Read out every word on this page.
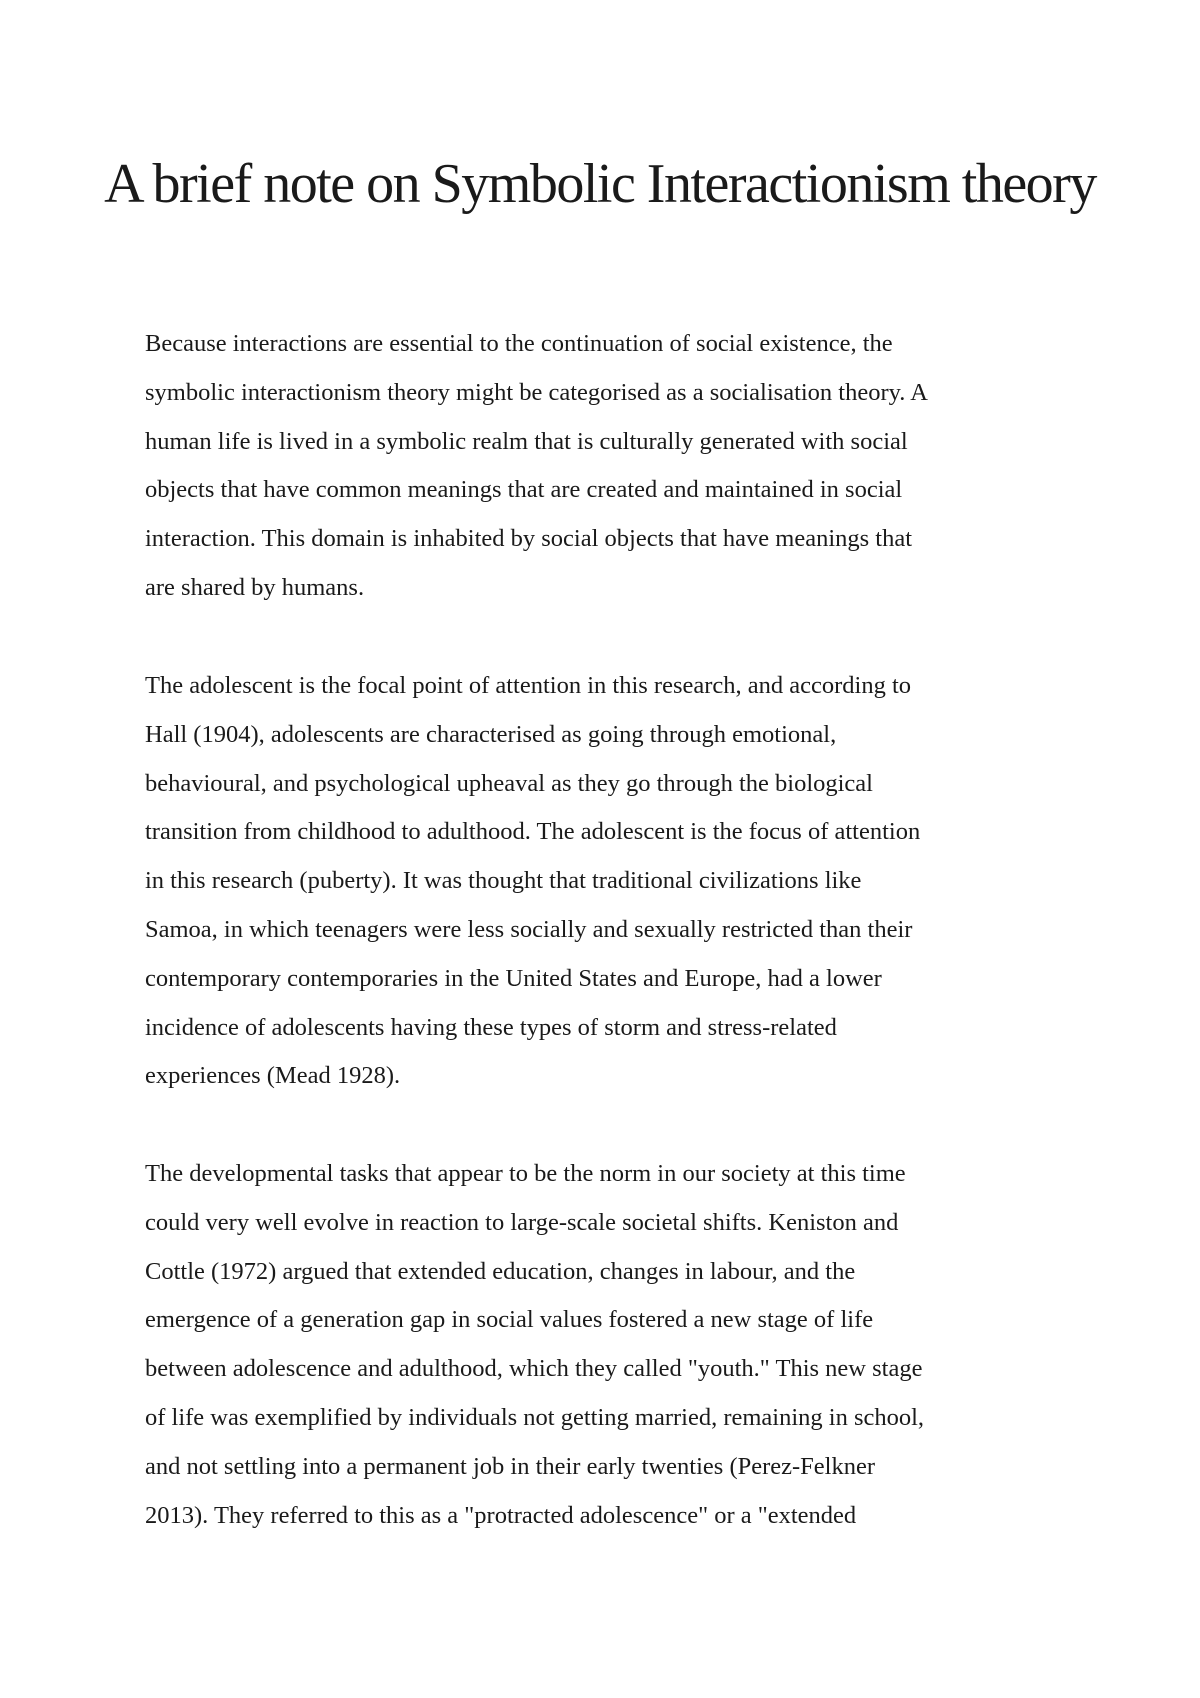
A brief note on Symbolic Interactionism theory
Because interactions are essential to the continuation of social existence, the
symbolic interactionism theory might be categorised as a socialisation theory. A
human life is lived in a symbolic realm that is culturally generated with social
objects that have common meanings that are created and maintained in social
interaction. This domain is inhabited by social objects that have meanings that
are shared by humans.
The adolescent is the focal point of attention in this research, and according to
Hall (1904), adolescents are characterised as going through emotional,
behavioural, and psychological upheaval as they go through the biological
transition from childhood to adulthood. The adolescent is the focus of attention
in this research (puberty). It was thought that traditional civilizations like
Samoa, in which teenagers were less socially and sexually restricted than their
contemporary contemporaries in the United States and Europe, had a lower
incidence of adolescents having these types of storm and stress-related
experiences (Mead 1928).
The developmental tasks that appear to be the norm in our society at this time
could very well evolve in reaction to large-scale societal shifts. Keniston and
Cottle (1972) argued that extended education, changes in labour, and the
emergence of a generation gap in social values fostered a new stage of life
between adolescence and adulthood, which they called "youth." This new stage
of life was exemplified by individuals not getting married, remaining in school,
and not settling into a permanent job in their early twenties (Perez-Felkner
2013). They referred to this as a "protracted adolescence" or a "extended
